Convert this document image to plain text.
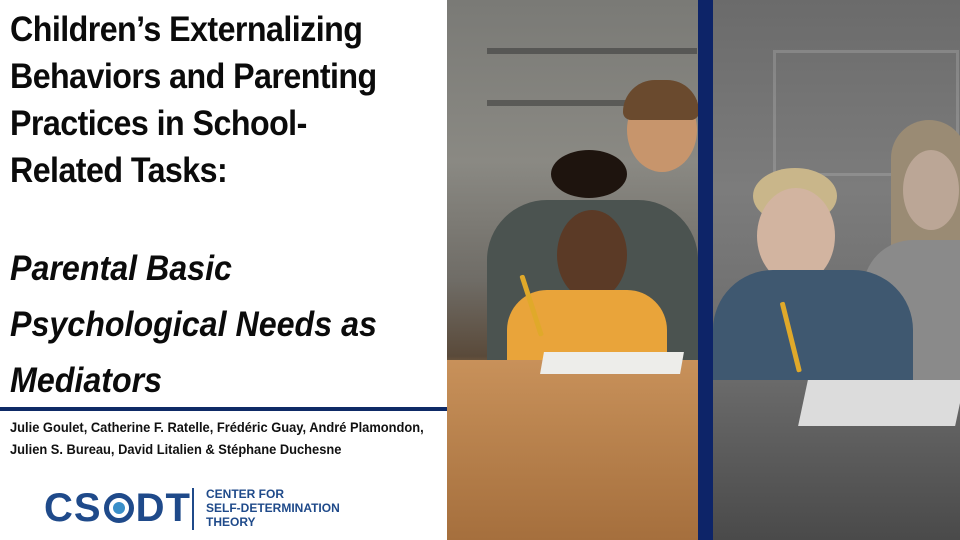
Children’s Externalizing
Behaviors and Parenting
Practices in School-
Related Tasks:
Parental Basic
Psychological Needs as
Mediators

Julie Goulet, Catherine F. Ratelle, Frédéric Guay, André Plamondon, Julien S. Bureau, David Litalien & Stéphane Duchesne

CS DT CENTER FOR
SELF-DETERMINATION
THEORY
